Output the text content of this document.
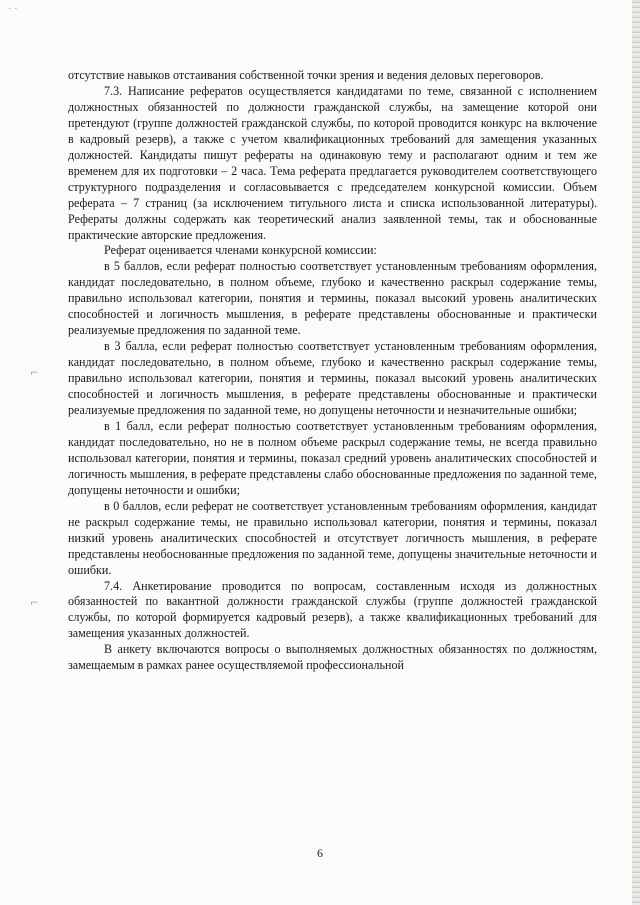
· ·
⌐
⌐

отсутствие навыков отстаивания собственной точки зрения и ведения деловых переговоров.

7.3. Написание рефератов осуществляется кандидатами по теме, связанной с исполнением должностных обязанностей по должности гражданской службы, на замещение которой они претендуют (группе должностей гражданской службы, по которой проводится конкурс на включение в кадровый резерв), а также с учетом квалификационных требований для замещения указанных должностей. Кандидаты пишут рефераты на одинаковую тему и располагают одним и тем же временем для их подготовки – 2 часа. Тема реферата предлагается руководителем соответствующего структурного подразделения и согласовывается с председателем конкурсной комиссии. Объем реферата – 7 страниц (за исключением титульного листа и списка использованной литературы). Рефераты должны содержать как теоретический анализ заявленной темы, так и обоснованные практические авторские предложения.

Реферат оценивается членами конкурсной комиссии:

в 5 баллов, если реферат полностью соответствует установленным требованиям оформления, кандидат последовательно, в полном объеме, глубоко и качественно раскрыл содержание темы, правильно использовал категории, понятия и термины, показал высокий уровень аналитических способностей и логичность мышления, в реферате представлены обоснованные и практически реализуемые предложения по заданной теме.

в 3 балла, если реферат полностью соответствует установленным требованиям оформления, кандидат последовательно, в полном объеме, глубоко и качественно раскрыл содержание темы, правильно использовал категории, понятия и термины, показал высокий уровень аналитических способностей и логичность мышления, в реферате представлены обоснованные и практически реализуемые предложения по заданной теме, но допущены неточности и незначительные ошибки;

в 1 балл, если реферат полностью соответствует установленным требованиям оформления, кандидат последовательно, но не в полном объеме раскрыл содержание темы, не всегда правильно использовал категории, понятия и термины, показал средний уровень аналитических способностей и логичность мышления, в реферате представлены слабо обоснованные предложения по заданной теме, допущены неточности и ошибки;

в 0 баллов, если реферат не соответствует установленным требованиям оформления, кандидат не раскрыл содержание темы, не правильно использовал категории, понятия и термины, показал низкий уровень аналитических способностей и отсутствует логичность мышления, в реферате представлены необоснованные предложения по заданной теме, допущены значительные неточности и ошибки.

7.4. Анкетирование проводится по вопросам, составленным исходя из должностных обязанностей по вакантной должности гражданской службы (группе должностей гражданской службы, по которой формируется кадровый резерв), а также квалификационных требований для замещения указанных должностей.

В анкету включаются вопросы о выполняемых должностных обязанностях по должностям, замещаемым в рамках ранее осуществляемой профессиональной

6
